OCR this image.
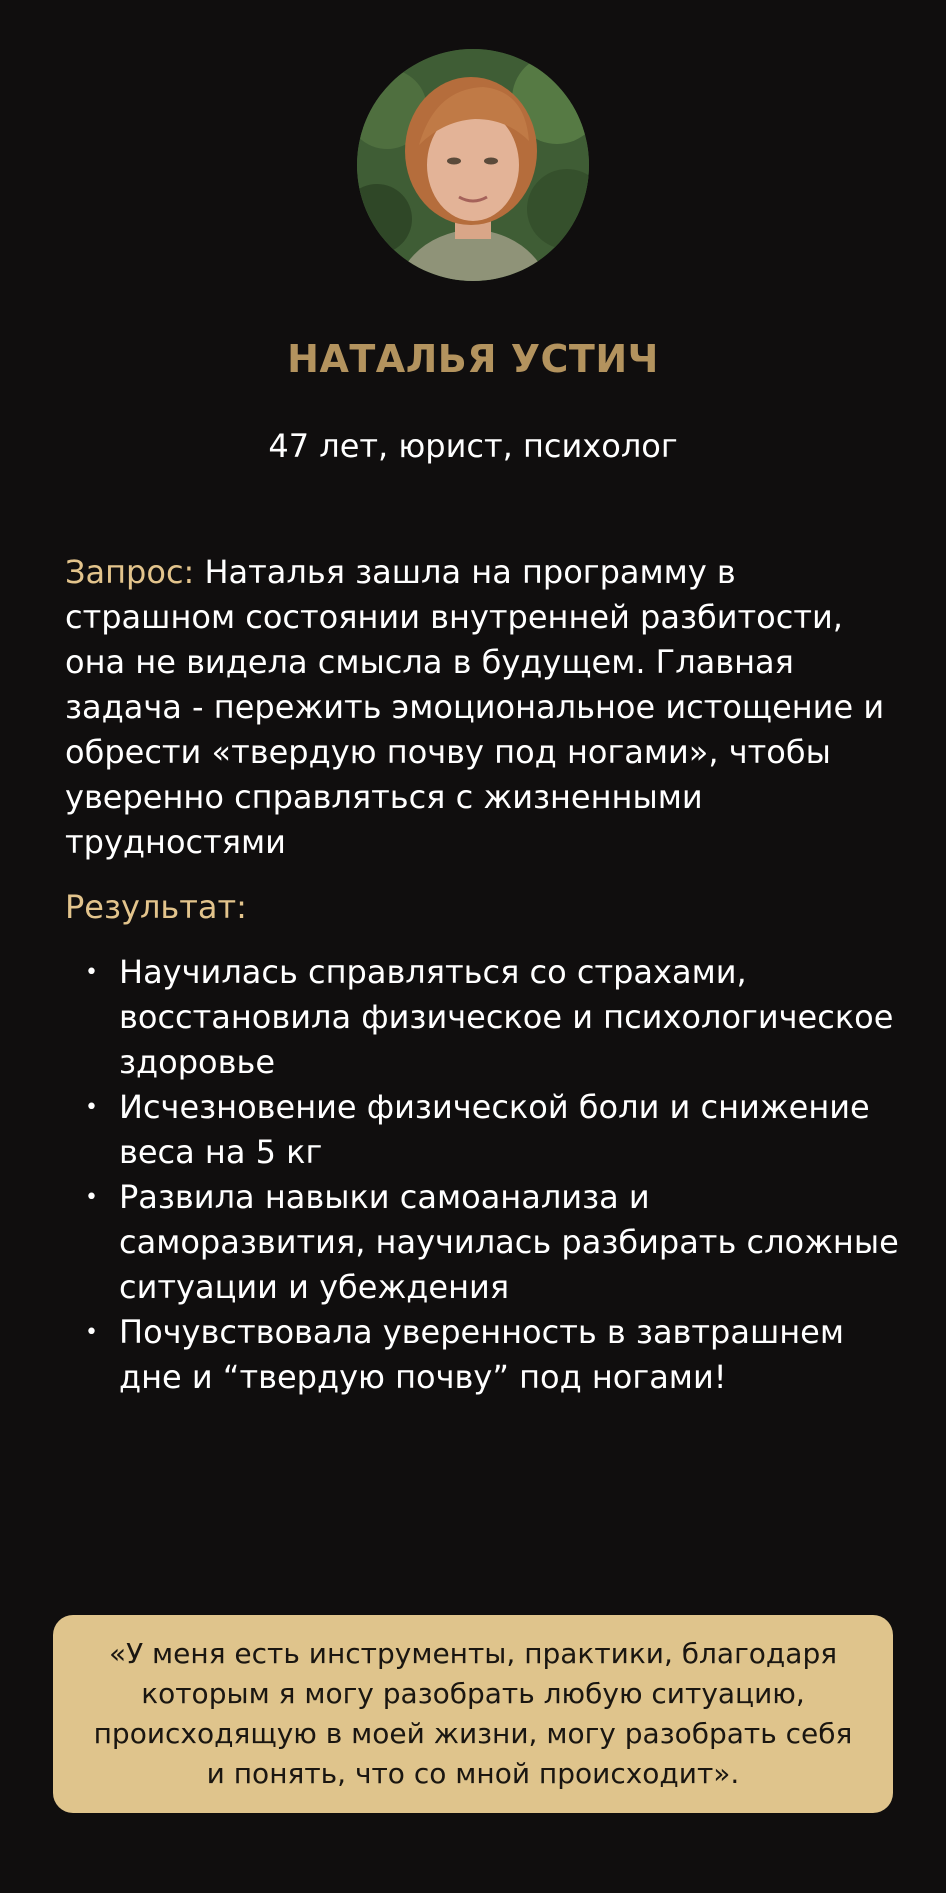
НАТАЛЬЯ УСТИЧ
47 лет, юрист, психолог

Запрос: Наталья зашла на программу в страшном состоянии внутренней разбитости, она не видела смысла в будущем. Главная задача - пережить эмоциональное истощение и обрести «твердую почву под ногами», чтобы уверенно справляться с жизненными трудностями

Результат:
• Научилась справляться со страхами, восстановила физическое и психологическое здоровье
• Исчезновение физической боли и снижение веса на 5 кг
• Развила навыки самоанализа и саморазвития, научилась разбирать сложные ситуации и убеждения
• Почувствовала уверенность в завтрашнем дне и “твердую почву” под ногами!

«У меня есть инструменты, практики, благодаря которым я могу разобрать любую ситуацию, происходящую в моей жизни, могу разобрать себя и понять, что со мной происходит».
